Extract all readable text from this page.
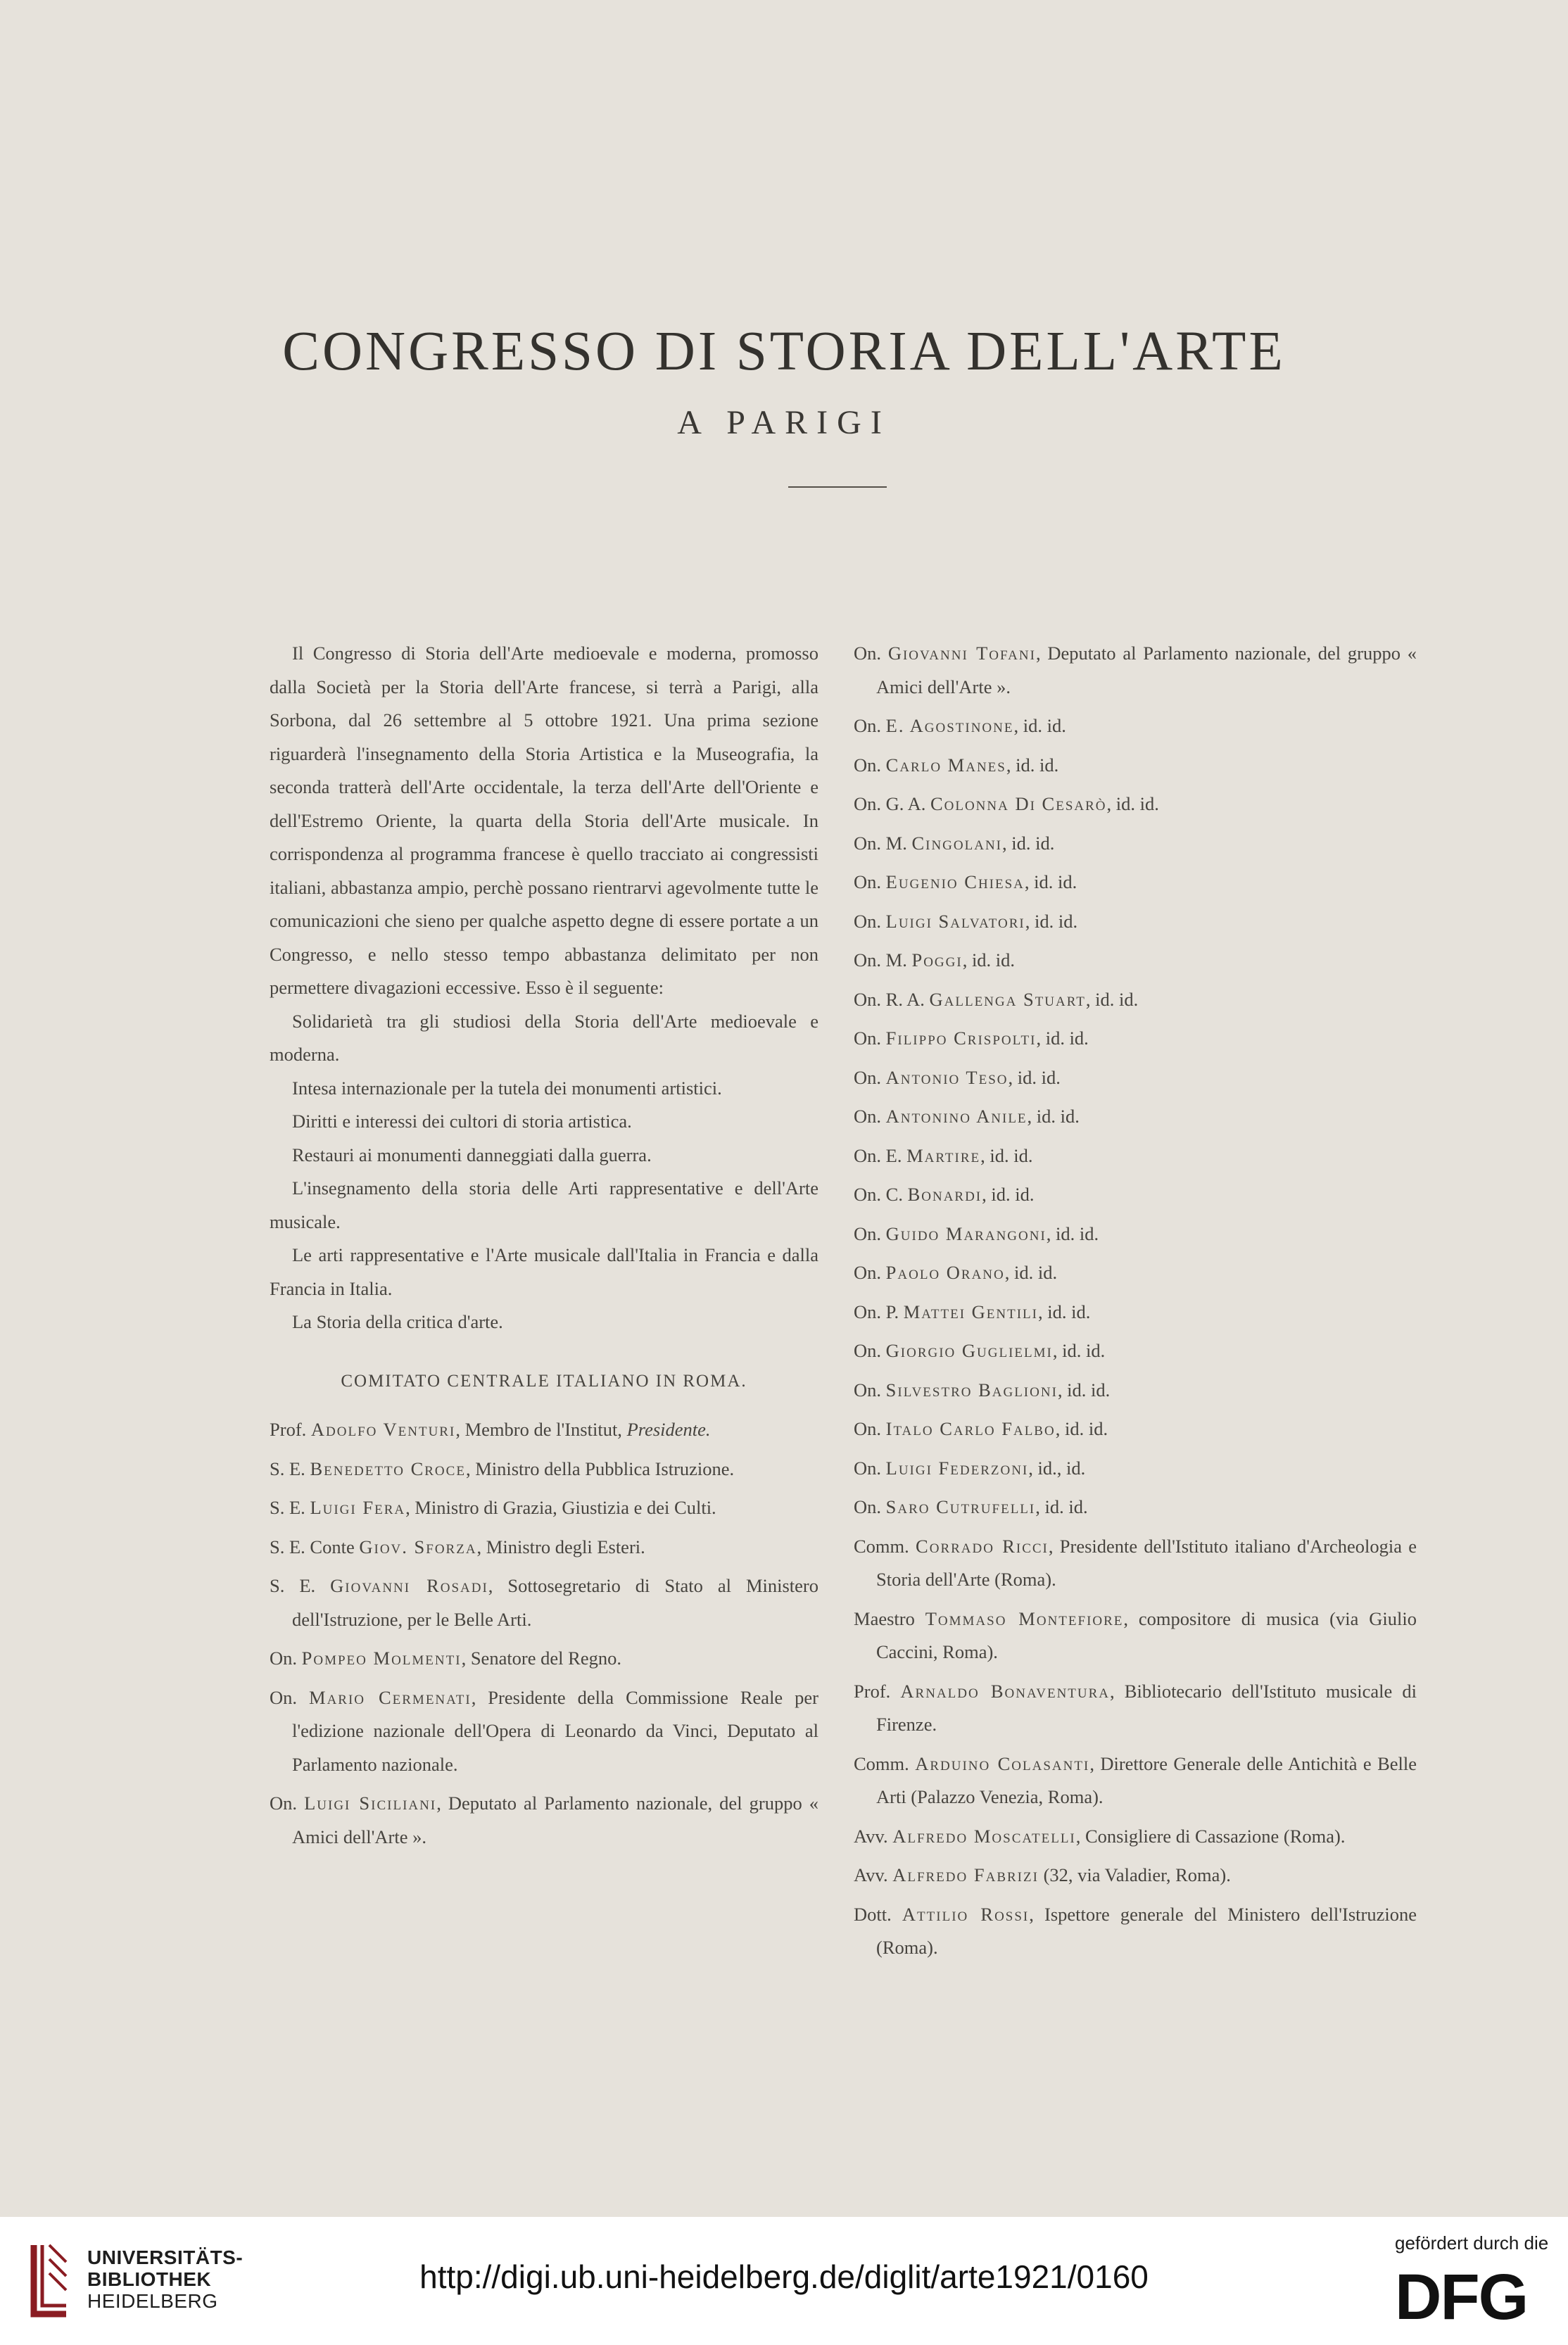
CONGRESSO DI STORIA DELL'ARTE
A PARIGI

Il Congresso di Storia dell'Arte medioevale e moderna, promosso dalla Società per la Storia dell'Arte francese, si terrà a Parigi, alla Sorbona, dal 26 settembre al 5 ottobre 1921. Una prima sezione riguarderà l'insegnamento della Storia Artistica e la Museografia, la seconda tratterà dell'Arte occidentale, la terza dell'Arte dell'Oriente e dell'Estremo Oriente, la quarta della Storia dell'Arte musicale. In corrispondenza al programma francese è quello tracciato ai congressisti italiani, abbastanza ampio, perchè possano rientrarvi agevolmente tutte le comunicazioni che sieno per qualche aspetto degne di essere portate a un Congresso, e nello stesso tempo abbastanza delimitato per non permettere divagazioni eccessive. Esso è il seguente:

Solidarietà tra gli studiosi della Storia dell'Arte medioevale e moderna.

Intesa internazionale per la tutela dei monumenti artistici.

Diritti e interessi dei cultori di storia artistica.

Restauri ai monumenti danneggiati dalla guerra.

L'insegnamento della storia delle Arti rappresentative e dell'Arte musicale.

Le arti rappresentative e l'Arte musicale dall'Italia in Francia e dalla Francia in Italia.

La Storia della critica d'arte.

COMITATO CENTRALE ITALIANO IN ROMA.

Prof. Adolfo Venturi, Membro de l'Institut, Presidente.

S. E. Benedetto Croce, Ministro della Pubblica Istruzione.

S. E. Luigi Fera, Ministro di Grazia, Giustizia e dei Culti.

S. E. Conte Giov. Sforza, Ministro degli Esteri.

S. E. Giovanni Rosadi, Sottosegretario di Stato al Ministero dell'Istruzione, per le Belle Arti.

On. Pompeo Molmenti, Senatore del Regno.

On. Mario Cermenati, Presidente della Commissione Reale per l'edizione nazionale dell'Opera di Leonardo da Vinci, Deputato al Parlamento nazionale.

On. Luigi Siciliani, Deputato al Parlamento nazionale, del gruppo « Amici dell'Arte ».

On. Giovanni Tofani, Deputato al Parlamento nazionale, del gruppo « Amici dell'Arte ».

On. E. Agostinone, id. id.

On. Carlo Manes, id. id.

On. G. A. Colonna Di Cesarò, id. id.

On. M. Cingolani, id. id.

On. Eugenio Chiesa, id. id.

On. Luigi Salvatori, id. id.

On. M. Poggi, id. id.

On. R. A. Gallenga Stuart, id. id.

On. Filippo Crispolti, id. id.

On. Antonio Teso, id. id.

On. Antonino Anile, id. id.

On. E. Martire, id. id.

On. C. Bonardi, id. id.

On. Guido Marangoni, id. id.

On. Paolo Orano, id. id.

On. P. Mattei Gentili, id. id.

On. Giorgio Guglielmi, id. id.

On. Silvestro Baglioni, id. id.

On. Italo Carlo Falbo, id. id.

On. Luigi Federzoni, id., id.

On. Saro Cutrufelli, id. id.

Comm. Corrado Ricci, Presidente dell'Istituto italiano d'Archeologia e Storia dell'Arte (Roma).

Maestro Tommaso Montefiore, compositore di musica (via Giulio Caccini, Roma).

Prof. Arnaldo Bonaventura, Bibliotecario dell'Istituto musicale di Firenze.

Comm. Arduino Colasanti, Direttore Generale delle Antichità e Belle Arti (Palazzo Venezia, Roma).

Avv. Alfredo Moscatelli, Consigliere di Cassazione (Roma).

Avv. Alfredo Fabrizi (32, via Valadier, Roma).

Dott. Attilio Rossi, Ispettore generale del Ministero dell'Istruzione (Roma).

UNIVERSITÄTS-
BIBLIOTHEK
HEIDELBERG
http://digi.ub.uni-heidelberg.de/diglit/arte1921/0160
gefördert durch die
DFG
